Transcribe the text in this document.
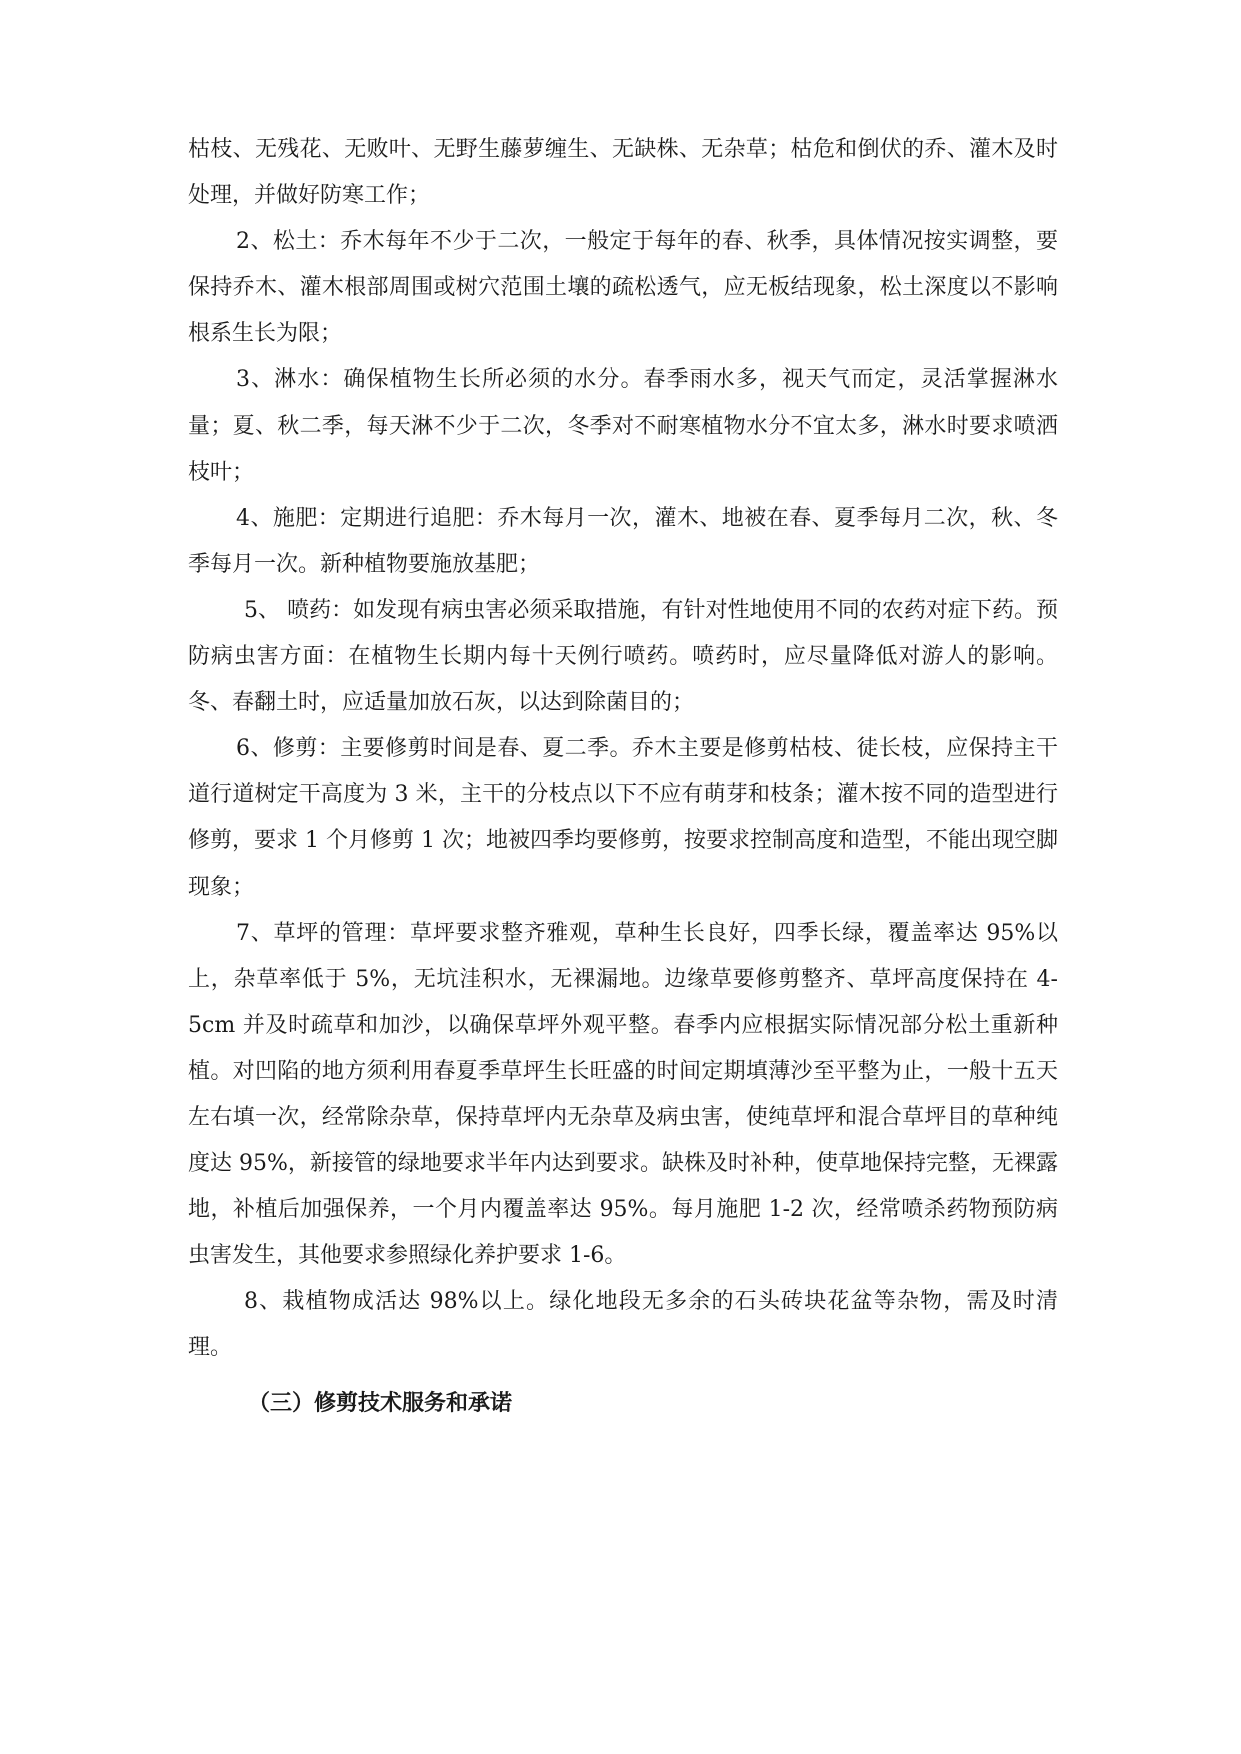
枯枝、无残花、无败叶、无野生藤萝缠生、无缺株、无杂草；枯危和倒伏的乔、灌木及时处理，并做好防寒工作；

2、松土：乔木每年不少于二次，一般定于每年的春、秋季，具体情况按实调整，要保持乔木、灌木根部周围或树穴范围土壤的疏松透气，应无板结现象，松土深度以不影响根系生长为限；

3、淋水：确保植物生长所必须的水分。春季雨水多，视天气而定，灵活掌握淋水量；夏、秋二季，每天淋不少于二次，冬季对不耐寒植物水分不宜太多，淋水时要求喷洒枝叶；

4、施肥：定期进行追肥：乔木每月一次，灌木、地被在春、夏季每月二次，秋、冬季每月一次。新种植物要施放基肥；

5、 喷药：如发现有病虫害必须采取措施，有针对性地使用不同的农药对症下药。预防病虫害方面：在植物生长期内每十天例行喷药。喷药时，应尽量降低对游人的影响。冬、春翻土时，应适量加放石灰，以达到除菌目的；

6、修剪：主要修剪时间是春、夏二季。乔木主要是修剪枯枝、徒长枝，应保持主干道行道树定干高度为 3 米，主干的分枝点以下不应有萌芽和枝条；灌木按不同的造型进行修剪，要求 1 个月修剪 1 次；地被四季均要修剪，按要求控制高度和造型，不能出现空脚现象；

7、草坪的管理：草坪要求整齐雅观，草种生长良好，四季长绿，覆盖率达 95%以上，杂草率低于 5%，无坑洼积水，无裸漏地。边缘草要修剪整齐、草坪高度保持在 4-5cm 并及时疏草和加沙，以确保草坪外观平整。春季内应根据实际情况部分松土重新种植。对凹陷的地方须利用春夏季草坪生长旺盛的时间定期填薄沙至平整为止，一般十五天左右填一次，经常除杂草，保持草坪内无杂草及病虫害，使纯草坪和混合草坪目的草种纯度达 95%，新接管的绿地要求半年内达到要求。缺株及时补种，使草地保持完整，无裸露地，补植后加强保养，一个月内覆盖率达 95%。每月施肥 1-2 次，经常喷杀药物预防病虫害发生，其他要求参照绿化养护要求 1-6。

8、栽植物成活达 98%以上。绿化地段无多余的石头砖块花盆等杂物，需及时清理。

（三）修剪技术服务和承诺
